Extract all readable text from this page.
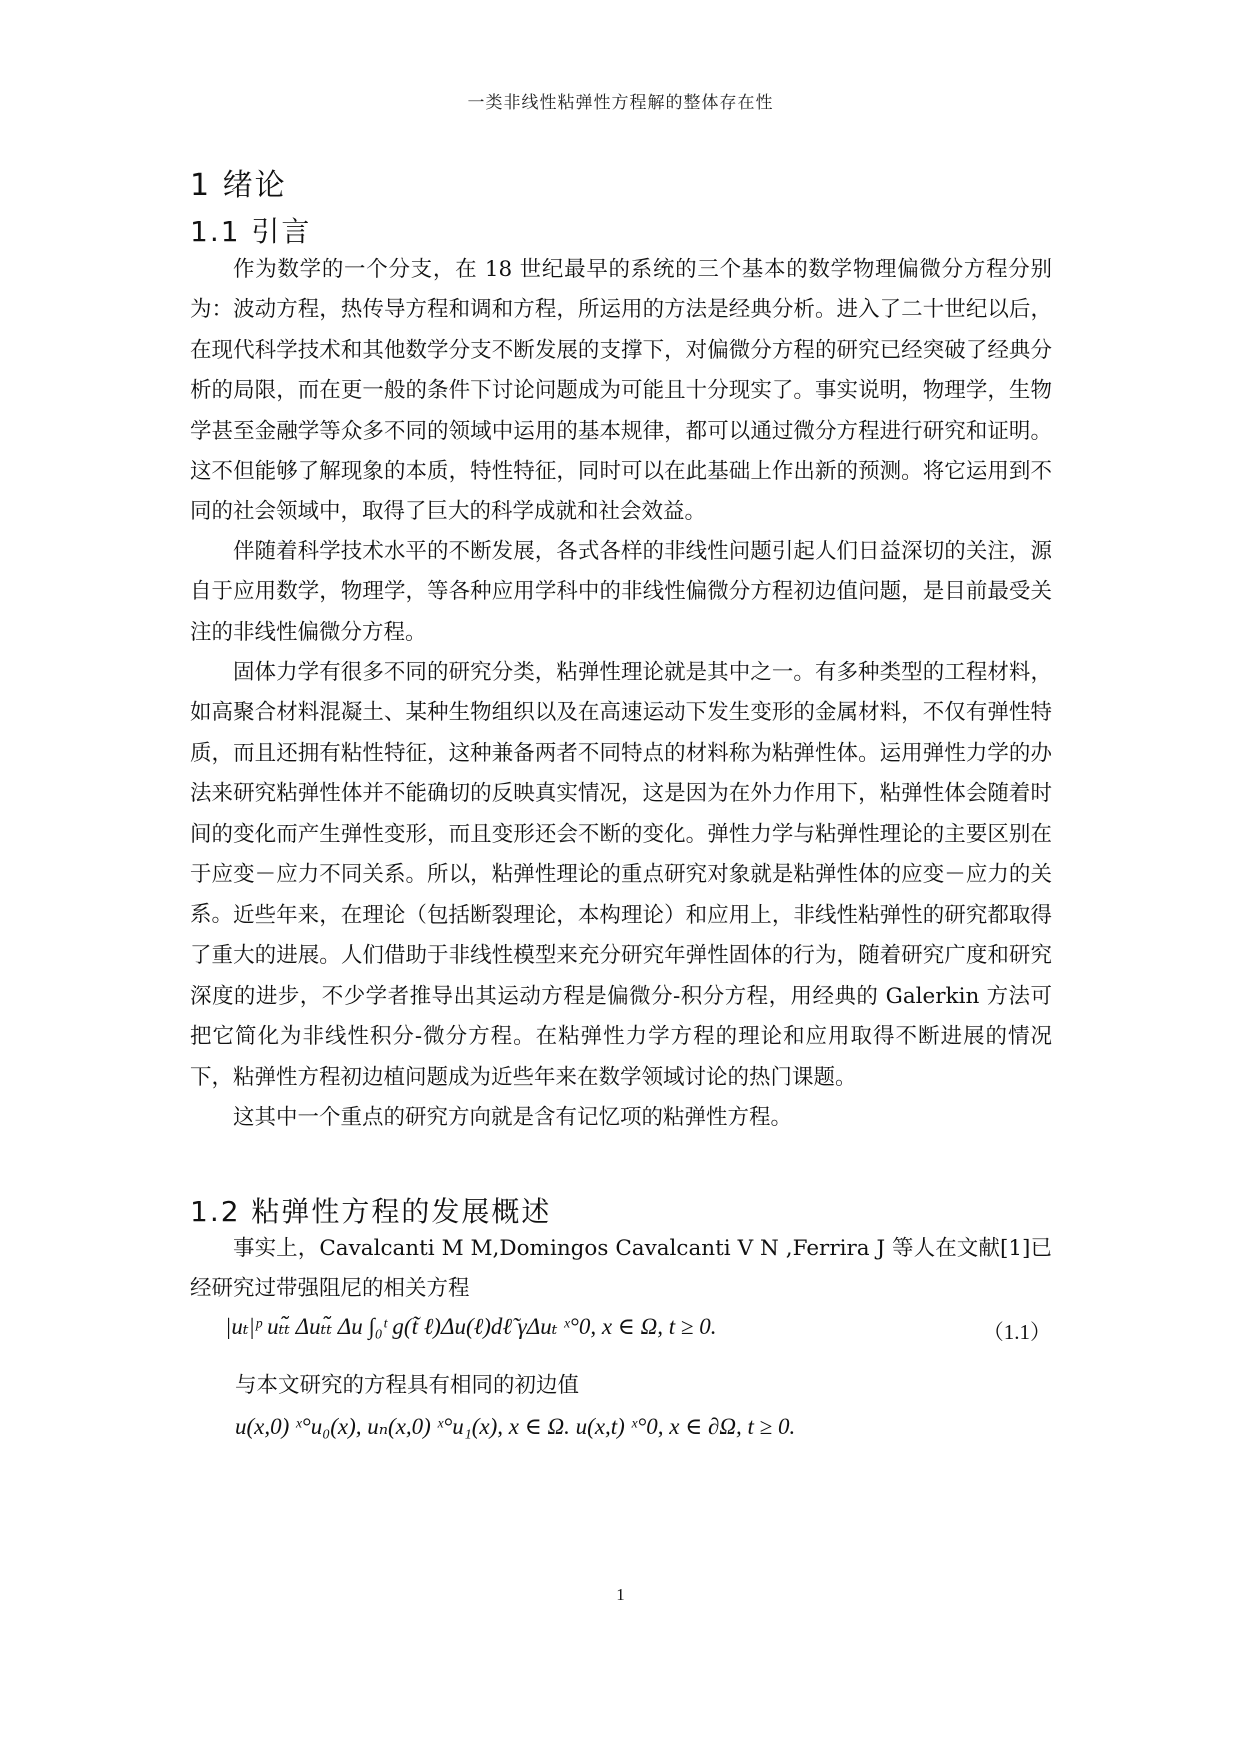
一类非线性粘弹性方程解的整体存在性
1 绪论
1.1 引言

作为数学的一个分支，在 18 世纪最早的系统的三个基本的数学物理偏微分方程分别为：波动方程，热传导方程和调和方程，所运用的方法是经典分析。进入了二十世纪以后，在现代科学技术和其他数学分支不断发展的支撑下，对偏微分方程的研究已经突破了经典分析的局限，而在更一般的条件下讨论问题成为可能且十分现实了。事实说明，物理学，生物学甚至金融学等众多不同的领域中运用的基本规律，都可以通过微分方程进行研究和证明。这不但能够了解现象的本质，特性特征，同时可以在此基础上作出新的预测。将它运用到不同的社会领域中，取得了巨大的科学成就和社会效益。

伴随着科学技术水平的不断发展，各式各样的非线性问题引起人们日益深切的关注，源自于应用数学，物理学，等各种应用学科中的非线性偏微分方程初边值问题，是目前最受关注的非线性偏微分方程。

固体力学有很多不同的研究分类，粘弹性理论就是其中之一。有多种类型的工程材料，如高聚合材料混凝土、某种生物组织以及在高速运动下发生变形的金属材料，不仅有弹性特质，而且还拥有粘性特征，这种兼备两者不同特点的材料称为粘弹性体。运用弹性力学的办法来研究粘弹性体并不能确切的反映真实情况，这是因为在外力作用下，粘弹性体会随着时间的变化而产生弹性变形，而且变形还会不断的变化。弹性力学与粘弹性理论的主要区别在于应变－应力不同关系。所以，粘弹性理论的重点研究对象就是粘弹性体的应变－应力的关系。 近些年来，在理论（包括断裂理论，本构理论）和应用上，非线性粘弹性的研究都取得了重大的进展。人们借助于非线性模型来充分研究年弹性固体的行为，随着研究广度和研究深度的进步，不少学者推导出其运动方程是偏微分-积分方程，用经典的 Galerkin 方法可把它简化为非线性积分-微分方程。在粘弹性力学方程的理论和应用取得不断进展的情况下，粘弹性方程初边植问题成为近些年来在数学领域讨论的热门课题。

这其中一个重点的研究方向就是含有记忆项的粘弹性方程。

1.2 粘弹性方程的发展概述

事实上，Cavalcanti M M,Domingos Cavalcanti V N ,Ferrira J 等人在文献[1]已经研究过带强阻尼的相关方程

|uₜ|ᵖ uₜₜ̃ Δuₜₜ̃ Δu ∫₀ᵗ g(t̃ ℓ)Δu(ℓ)dℓ̃ γΔuₜ ˣ°0, x ∈ Ω, t ≥ 0.	（1.1）
与本文研究的方程具有相同的初边值
u(x,0) ˣ°u₀(x), uₙ(x,0) ˣ°u₁(x), x ∈ Ω. u(x,t) ˣ°0, x ∈ ∂Ω, t ≥ 0.
1
